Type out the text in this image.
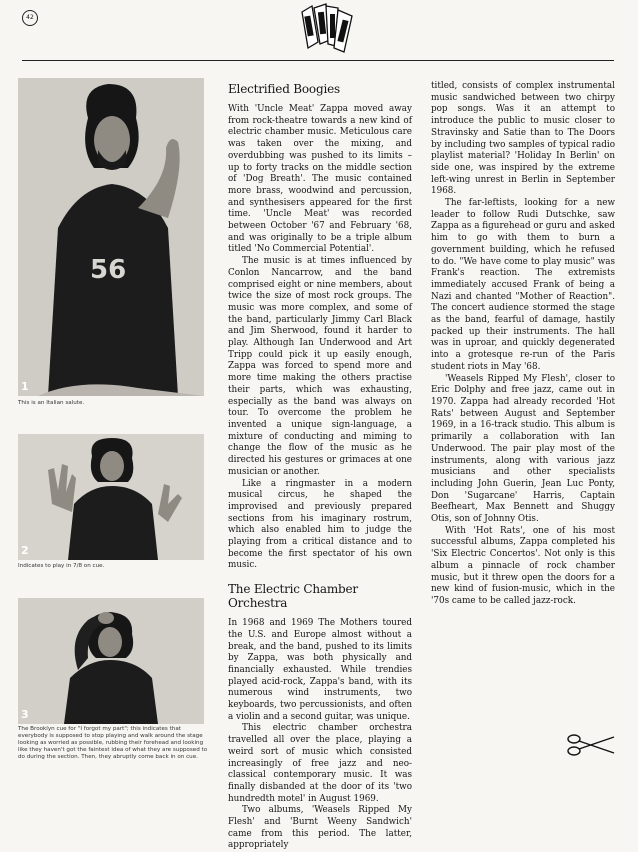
42
56
1
This is an Italian salute.
2
Indicates to play in 7/8 on cue.
3
The Brooklyn cue for "I forgot my part"; this indicates that everybody is supposed to stop playing and walk around the stage looking as worried as possible, rubbing their forehead and looking like they haven't got the faintest idea of what they are supposed to do during the section. Then, they abruptly come back in on cue.
Electrified Boogies

With 'Uncle Meat' Zappa moved away from rock-theatre towards a new kind of electric chamber music. Meticulous care was taken over the mixing, and overdubbing was pushed to its limits – up to forty tracks on the middle section of 'Dog Breath'. The music contained more brass, woodwind and percussion, and synthesisers appeared for the first time. 'Uncle Meat' was recorded between October '67 and February '68, and was originally to be a triple album titled 'No Commercial Potential'.

The music is at times influenced by Conlon Nancarrow, and the band comprised eight or nine members, about twice the size of most rock groups. The music was more complex, and some of the band, particularly Jimmy Carl Black and Jim Sherwood, found it harder to play. Although Ian Underwood and Art Tripp could pick it up easily enough, Zappa was forced to spend more and more time making the others practise their parts, which was exhausting, especially as the band was always on tour. To overcome the problem he invented a unique sign-language, a mixture of conducting and miming to change the flow of the music as he directed his gestures or grimaces at one musician or another.

Like a ringmaster in a modern musical circus, he shaped the improvised and previously prepared sections from his imaginary rostrum, which also enabled him to judge the playing from a critical distance and to become the first spectator of his own music.

The Electric Chamber Orchestra

In 1968 and 1969 The Mothers toured the U.S. and Europe almost without a break, and the band, pushed to its limits by Zappa, was both physically and financially exhausted. While trendies played acid-rock, Zappa's band, with its numerous wind instruments, two keyboards, two percussionists, and often a violin and a second guitar, was unique.

This electric chamber orchestra travelled all over the place, playing a weird sort of music which consisted increasingly of free jazz and neo-classical contemporary music. It was finally disbanded at the door of its 'two hundredth motel' in August 1969.

Two albums, 'Weasels Ripped My Flesh' and 'Burnt Weeny Sandwich' came from this period. The latter, appropriately

titled, consists of complex instrumental music sandwiched between two chirpy pop songs. Was it an attempt to introduce the public to music closer to Stravinsky and Satie than to The Doors by including two samples of typical radio playlist material? 'Holiday In Berlin' on side one, was inspired by the extreme left-wing unrest in Berlin in September 1968.

The far-leftists, looking for a new leader to follow Rudi Dutschke, saw Zappa as a figurehead or guru and asked him to go with them to burn a government building, which he refused to do. "We have come to play music" was Frank's reaction. The extremists immediately accused Frank of being a Nazi and chanted "Mother of Reaction". The concert audience stormed the stage as the band, fearful of damage, hastily packed up their instruments. The hall was in uproar, and quickly degenerated into a grotesque re-run of the Paris student riots in May '68.

'Weasels Ripped My Flesh', closer to Eric Dolphy and free jazz, came out in 1970. Zappa had already recorded 'Hot Rats' between August and September 1969, in a 16-track studio. This album is primarily a collaboration with Ian Underwood. The pair play most of the instruments, along with various jazz musicians and other specialists including John Guerin, Jean Luc Ponty, Don 'Sugarcane' Harris, Captain Beefheart, Max Bennett and Shuggy Otis, son of Johnny Otis.

With 'Hot Rats', one of his most successful albums, Zappa completed his 'Six Electric Concertos'. Not only is this album a pinnacle of rock chamber music, but it threw open the doors for a new kind of fusion-music, which in the '70s came to be called jazz-rock.
